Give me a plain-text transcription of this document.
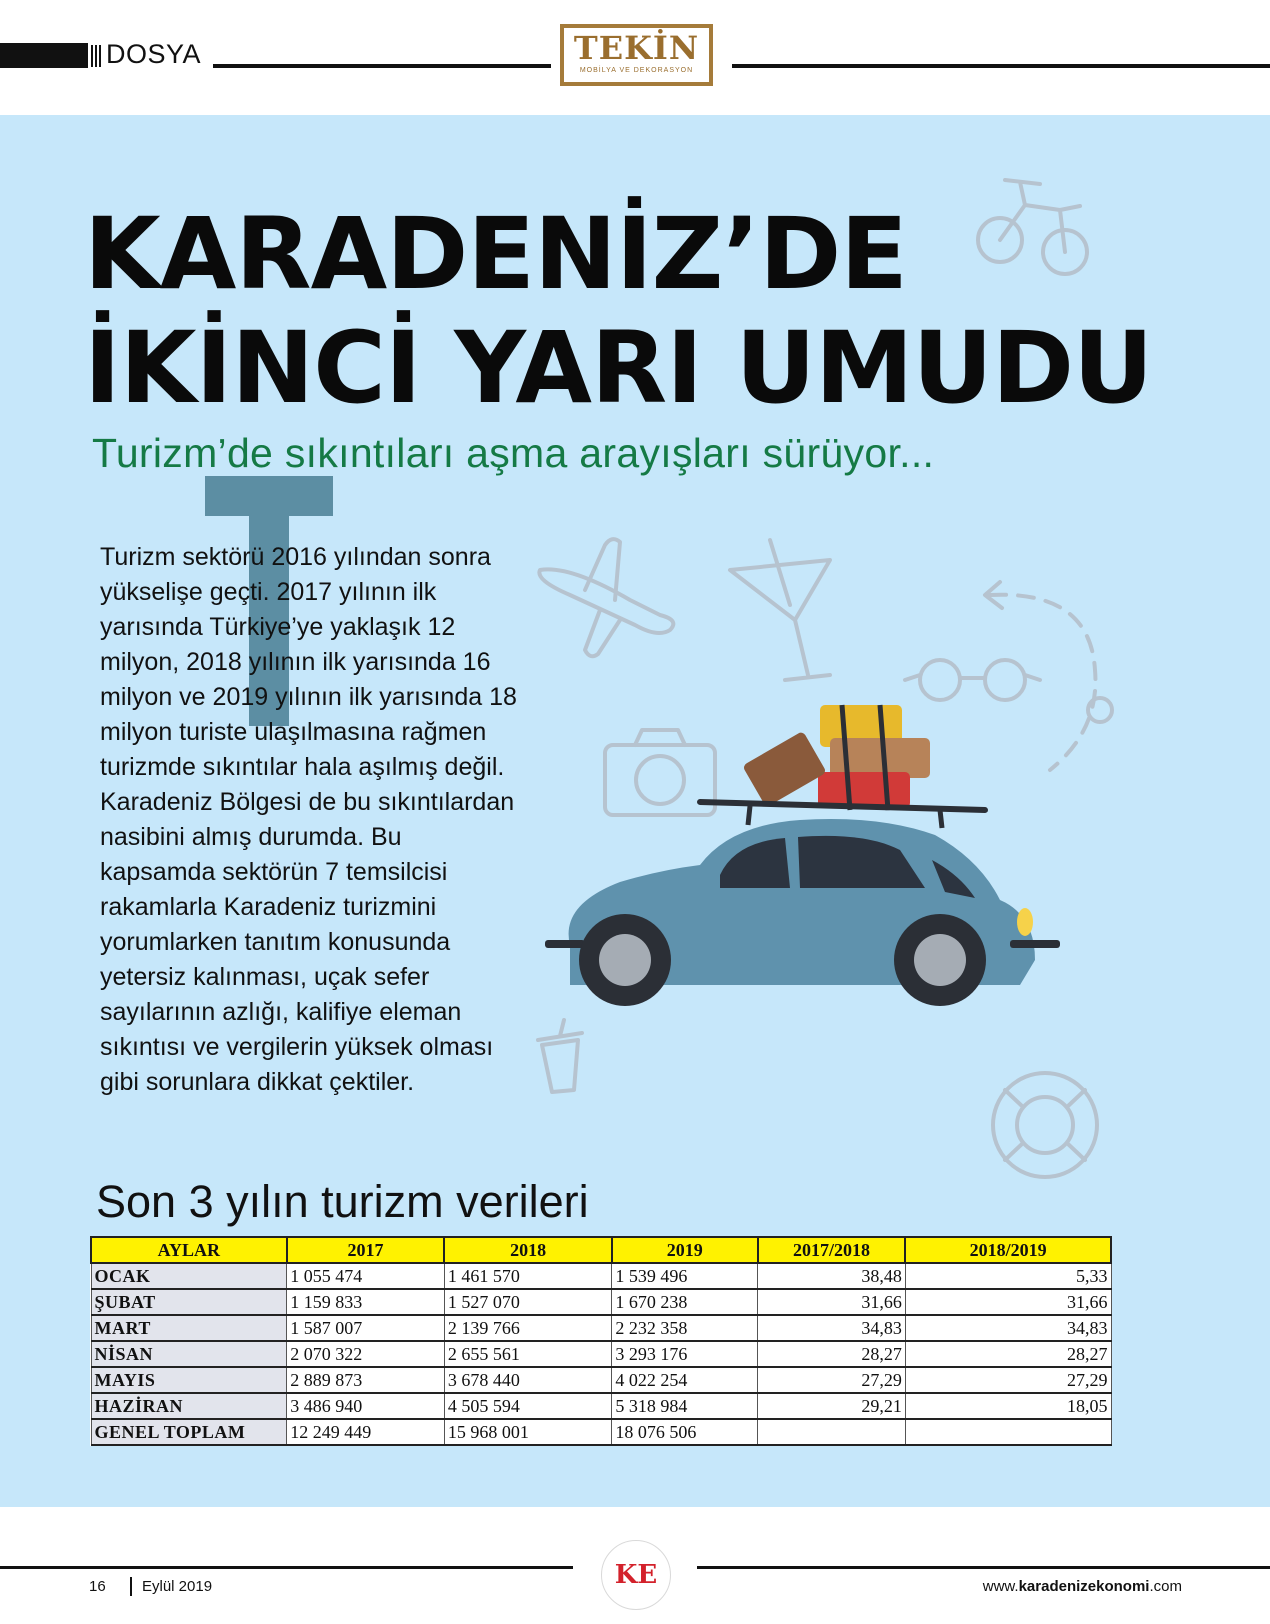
DOSYA	TEKİN
MOBİLYA VE DEKORASYON
KARADENİZ’DE
İKİNCİ YARI UMUDU
Turizm’de sıkıntıları aşma arayışları sürüyor...

Turizm sektörü 2016 yılından sonra yükselişe geçti. 2017 yılının ilk yarısında Türkiye’ye yaklaşık 12 milyon, 2018 yılının ilk yarısında 16 milyon ve 2019 yılının ilk yarısında 18 milyon turiste ulaşılmasına rağmen turizmde sıkıntılar hala aşılmış değil.

Karadeniz Bölgesi de bu sıkıntılardan nasibini almış durumda. Bu kapsamda sektörün 7 temsilcisi rakamlarla Karadeniz turizmini yorumlarken tanıtım konusunda yetersiz kalınması, uçak sefer sayılarının azlığı, kalifiye eleman sıkıntısı ve vergilerin yüksek olması gibi sorunlara dikkat çektiler.

Son 3 yılın turizm verileri
AYLAR	2017	2018	2019	2017/2018	2018/2019
OCAK	1 055 474	1 461 570	1 539 496	38,48	5,33
ŞUBAT	1 159 833	1 527 070	1 670 238	31,66	31,66
MART	1 587 007	2 139 766	2 232 358	34,83	34,83
NİSAN	2 070 322	2 655 561	3 293 176	28,27	28,27
MAYIS	2 889 873	3 678 440	4 022 254	27,29	27,29
HAZİRAN	3 486 940	4 505 594	5 318 984	29,21	18,05
GENEL TOPLAM	12 249 449	15 968 001	18 076 506		
KE
16 Eylül 2019	www.karadenizekonomi.com
